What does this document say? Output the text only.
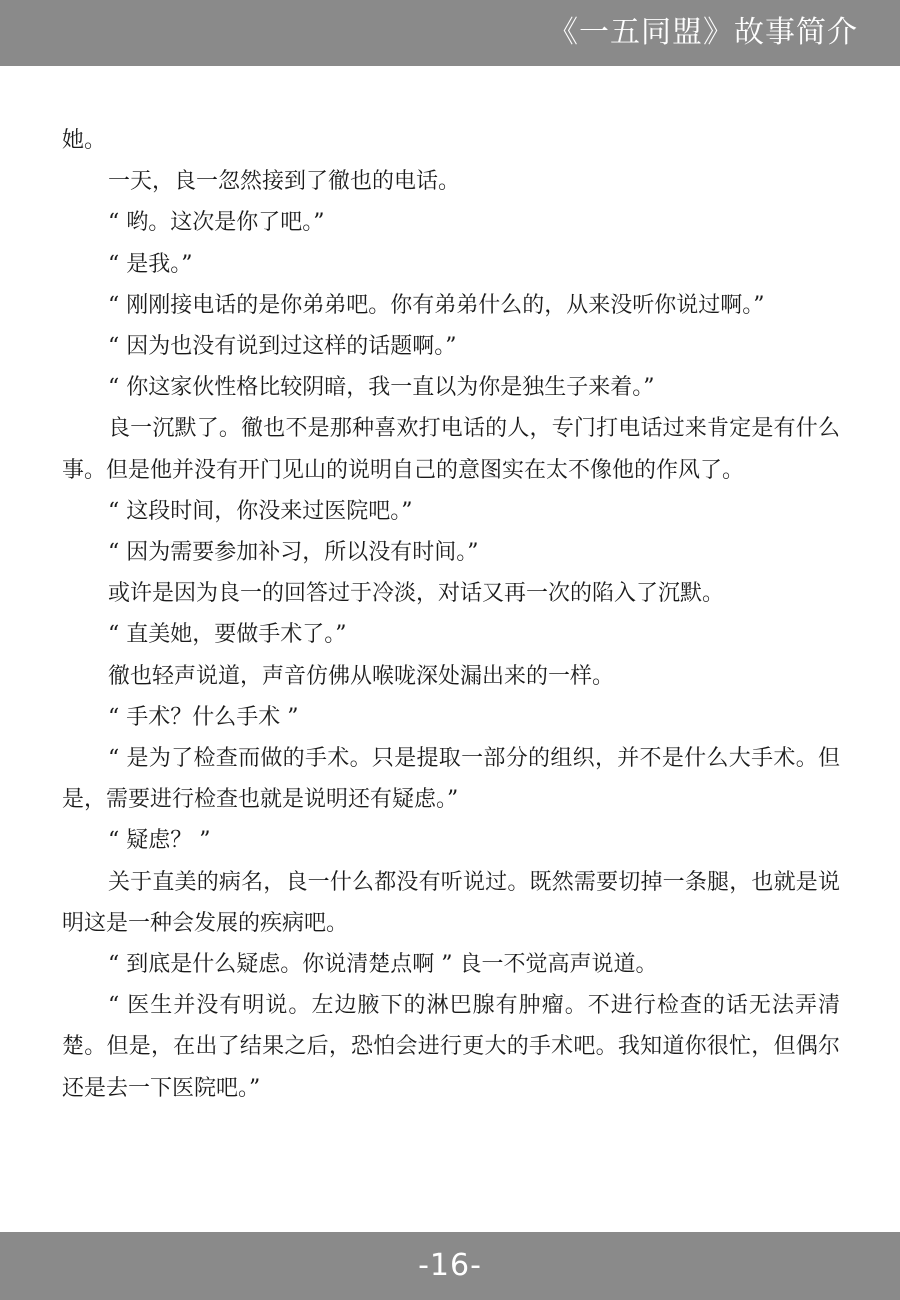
《一五同盟》故事简介

她。

一天，良一忽然接到了徹也的电话。

“ 哟。这次是你了吧。”

“ 是我。”

“ 刚刚接电话的是你弟弟吧。你有弟弟什么的，从来没听你说过啊。”

“ 因为也没有说到过这样的话题啊。”

“ 你这家伙性格比较阴暗，我一直以为你是独生子来着。”

良一沉默了。徹也不是那种喜欢打电话的人，专门打电话过来肯定是有什么事。但是他并没有开门见山的说明自己的意图实在太不像他的作风了。

“ 这段时间，你没来过医院吧。”

“ 因为需要参加补习，所以没有时间。”

或许是因为良一的回答过于冷淡，对话又再一次的陷入了沉默。

“ 直美她，要做手术了。”

徹也轻声说道，声音仿佛从喉咙深处漏出来的一样。

“ 手术？什么手术 ”

“ 是为了检查而做的手术。只是提取一部分的组织，并不是什么大手术。但是，需要进行检查也就是说明还有疑虑。”

“ 疑虑？ ”

关于直美的病名，良一什么都没有听说过。既然需要切掉一条腿，也就是说明这是一种会发展的疾病吧。

“ 到底是什么疑虑。你说清楚点啊 ” 良一不觉高声说道。

“ 医生并没有明说。左边腋下的淋巴腺有肿瘤。不进行检查的话无法弄清楚。但是，在出了结果之后，恐怕会进行更大的手术吧。我知道你很忙，但偶尔还是去一下医院吧。”

-16-
